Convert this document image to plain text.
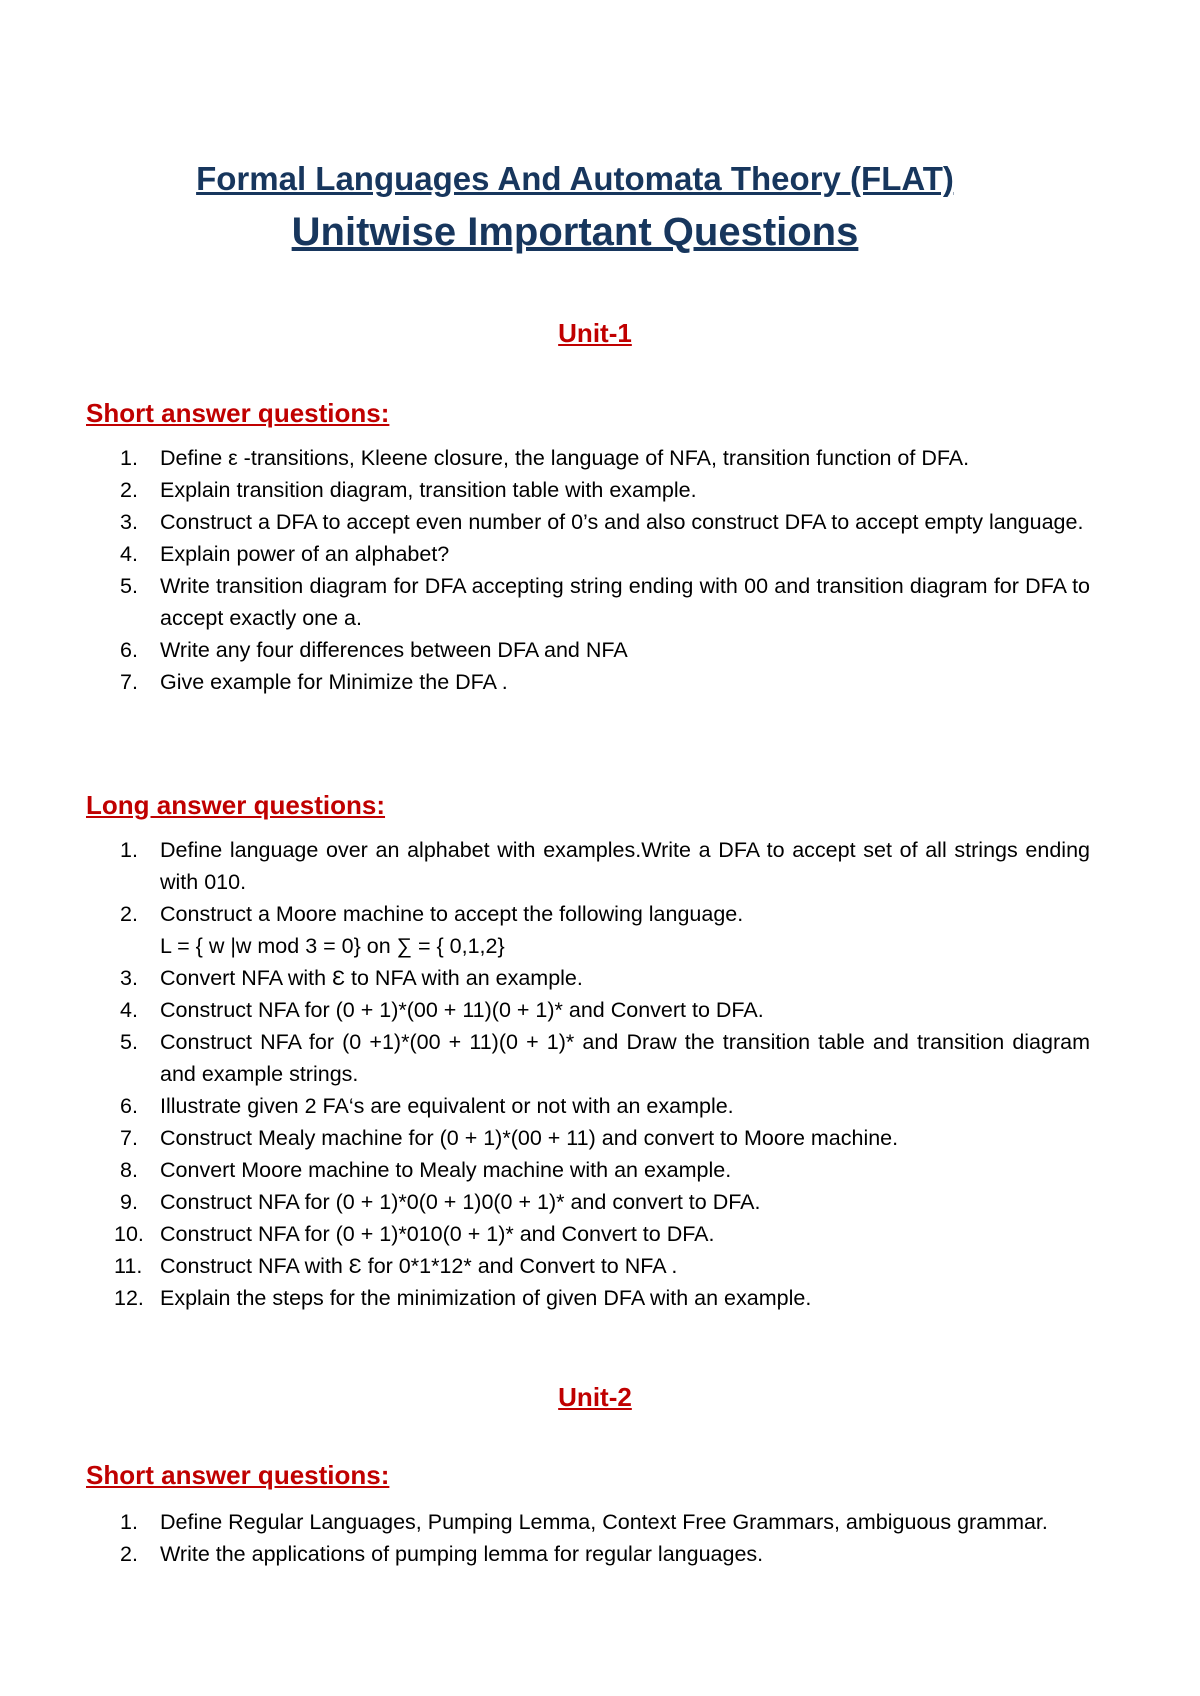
Formal Languages And Automata Theory (FLAT)
Unitwise Important Questions
Unit-1
Short answer questions:
1. Define ε -transitions, Kleene closure, the language of NFA, transition function of DFA.
2. Explain transition diagram, transition table with example.
3. Construct a DFA to accept even number of 0’s and also construct DFA to accept empty language.
4. Explain power of an alphabet?
5. Write transition diagram for DFA accepting string ending with 00 and transition diagram for DFA to accept exactly one a.
6. Write any four differences between DFA and NFA
7. Give example for Minimize the DFA .
Long answer questions:
1. Define language over an alphabet with examples.Write a DFA to accept set of all strings ending with 010.
2. Construct a Moore machine to accept the following language.
L = { w |w mod 3 = 0} on ∑ = { 0,1,2}
3. Convert NFA with Ɛ to NFA with an example.
4. Construct NFA for (0 + 1)*(00 + 11)(0 + 1)* and Convert to DFA.
5. Construct NFA for (0 +1)*(00 + 11)(0 + 1)* and Draw the transition table and transition diagram and example strings.
6. Illustrate given 2 FA‘s are equivalent or not with an example.
7. Construct Mealy machine for (0 + 1)*(00 + 11) and convert to Moore machine.
8. Convert Moore machine to Mealy machine with an example.
9. Construct NFA for (0 + 1)*0(0 + 1)0(0 + 1)* and convert to DFA.
10. Construct NFA for (0 + 1)*010(0 + 1)* and Convert to DFA.
11. Construct NFA with Ɛ for 0*1*12* and Convert to NFA .
12. Explain the steps for the minimization of given DFA with an example.
Unit-2
Short answer questions:
1. Define Regular Languages, Pumping Lemma, Context Free Grammars, ambiguous grammar.
2. Write the applications of pumping lemma for regular languages.
